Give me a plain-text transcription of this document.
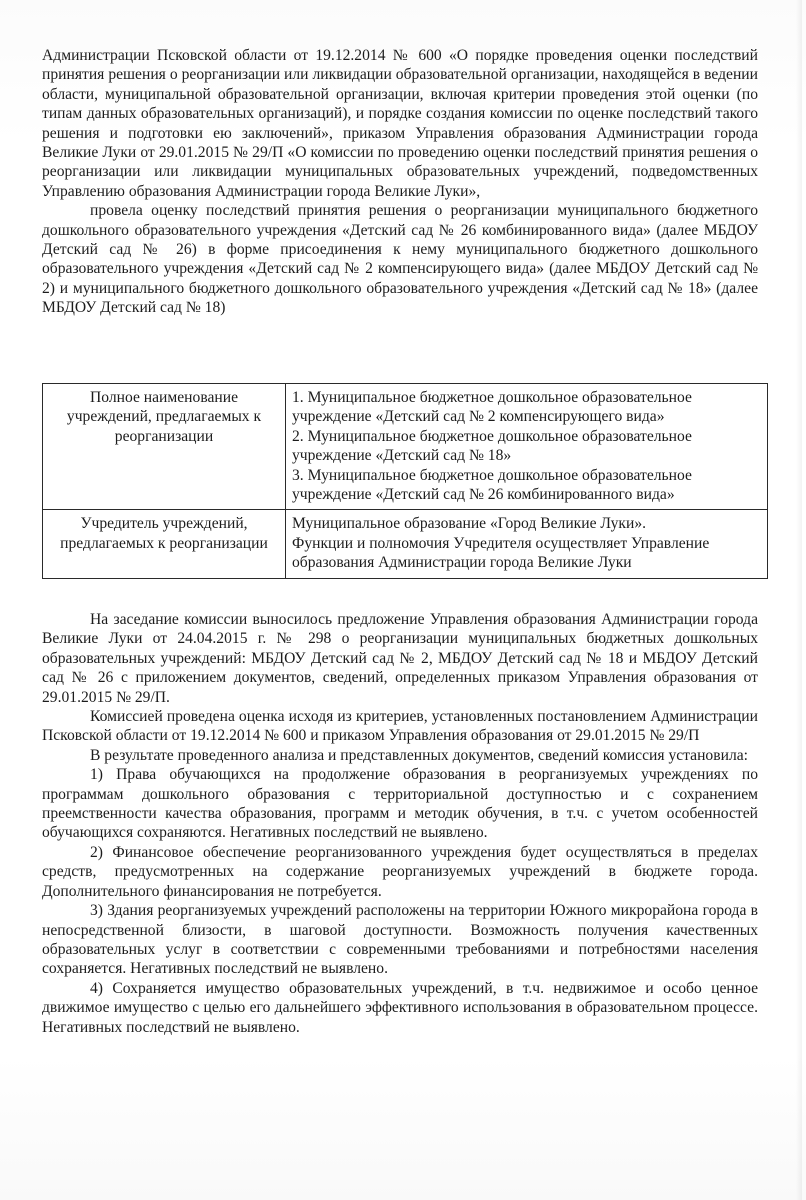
Администрации Псковской области от 19.12.2014 № 600 «О порядке проведения оценки последствий принятия решения о реорганизации или ликвидации образовательной организации, находящейся в ведении области, муниципальной образовательной организации, включая критерии проведения этой оценки (по типам данных образовательных организаций), и порядке создания комиссии по оценке последствий такого решения и подготовки ею заключений», приказом Управления образования Администрации города Великие Луки от 29.01.2015 № 29/П «О комиссии по проведению оценки последствий принятия решения о реорганизации или ликвидации муниципальных образовательных учреждений, подведомственных Управлению образования Администрации города Великие Луки»,

провела оценку последствий принятия решения о реорганизации муниципального бюджетного дошкольного образовательного учреждения «Детский сад № 26 комбинированного вида» (далее МБДОУ Детский сад № 26) в форме присоединения к нему муниципального бюджетного дошкольного образовательного учреждения «Детский сад № 2 компенсирующего вида» (далее МБДОУ Детский сад № 2) и муниципального бюджетного дошкольного образовательного учреждения «Детский сад № 18» (далее МБДОУ Детский сад № 18)

Полное наименование учреждений, предлагаемых к реорганизации	1. Муниципальное бюджетное дошкольное образовательное учреждение «Детский сад № 2 компенсирующего вида»
2. Муниципальное бюджетное дошкольное образовательное учреждение «Детский сад № 18»
3. Муниципальное бюджетное дошкольное образовательное учреждение «Детский сад № 26 комбинированного вида»

Учредитель учреждений, предлагаемых к реорганизации	Муниципальное образование «Город Великие Луки».
Функции и полномочия Учредителя осуществляет Управление образования Администрации города Великие Луки

На заседание комиссии выносилось предложение Управления образования Администрации города Великие Луки от 24.04.2015 г. № 298 о реорганизации муниципальных бюджетных дошкольных образовательных учреждений: МБДОУ Детский сад № 2, МБДОУ Детский сад № 18 и МБДОУ Детский сад № 26 с приложением документов, сведений, определенных приказом Управления образования от 29.01.2015 № 29/П.

Комиссией проведена оценка исходя из критериев, установленных постановлением Администрации Псковской области от 19.12.2014 № 600 и приказом Управления образования от 29.01.2015 № 29/П

В результате проведенного анализа и представленных документов, сведений комиссия установила:

1) Права обучающихся на продолжение образования в реорганизуемых учреждениях по программам дошкольного образования с территориальной доступностью и с сохранением преемственности качества образования, программ и методик обучения, в т.ч. с учетом особенностей обучающихся сохраняются. Негативных последствий не выявлено.

2) Финансовое обеспечение реорганизованного учреждения будет осуществляться в пределах средств, предусмотренных на содержание реорганизуемых учреждений в бюджете города. Дополнительного финансирования не потребуется.

3) Здания реорганизуемых учреждений расположены на территории Южного микрорайона города в непосредственной близости, в шаговой доступности. Возможность получения качественных образовательных услуг в соответствии с современными требованиями и потребностями населения сохраняется. Негативных последствий не выявлено.

4) Сохраняется имущество образовательных учреждений, в т.ч. недвижимое и особо ценное движимое имущество с целью его дальнейшего эффективного использования в образовательном процессе. Негативных последствий не выявлено.
